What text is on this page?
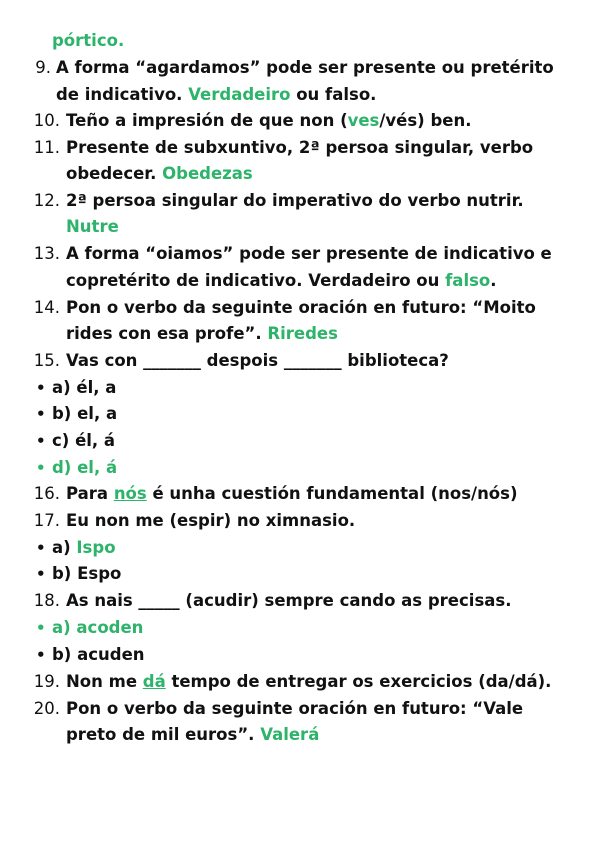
pórtico.
9. A forma “agardamos” pode ser presente ou pretérito
de indicativo. Verdadeiro ou falso.
10. Teño a impresión de que non (ves/vés) ben.
11. Presente de subxuntivo, 2ª persoa singular, verbo
obedecer. Obedezas
12. 2ª persoa singular do imperativo do verbo nutrir.
Nutre
13. A forma “oiamos” pode ser presente de indicativo e
copretérito de indicativo. Verdadeiro ou falso.
14. Pon o verbo da seguinte oración en futuro: “Moito
rides con esa profe”. Riredes
15. Vas con _______ despois _______ biblioteca?
• a) él, a
• b) el, a
• c) él, á
• d) el, á
16. Para nós é unha cuestión fundamental (nos/nós)
17. Eu non me (espir) no ximnasio.
• a) Ispo
• b) Espo
18. As nais _____ (acudir) sempre cando as precisas.
• a) acoden
• b) acuden
19. Non me dá tempo de entregar os exercicios (da/dá).
20. Pon o verbo da seguinte oración en futuro: “Vale
preto de mil euros”. Valerá
